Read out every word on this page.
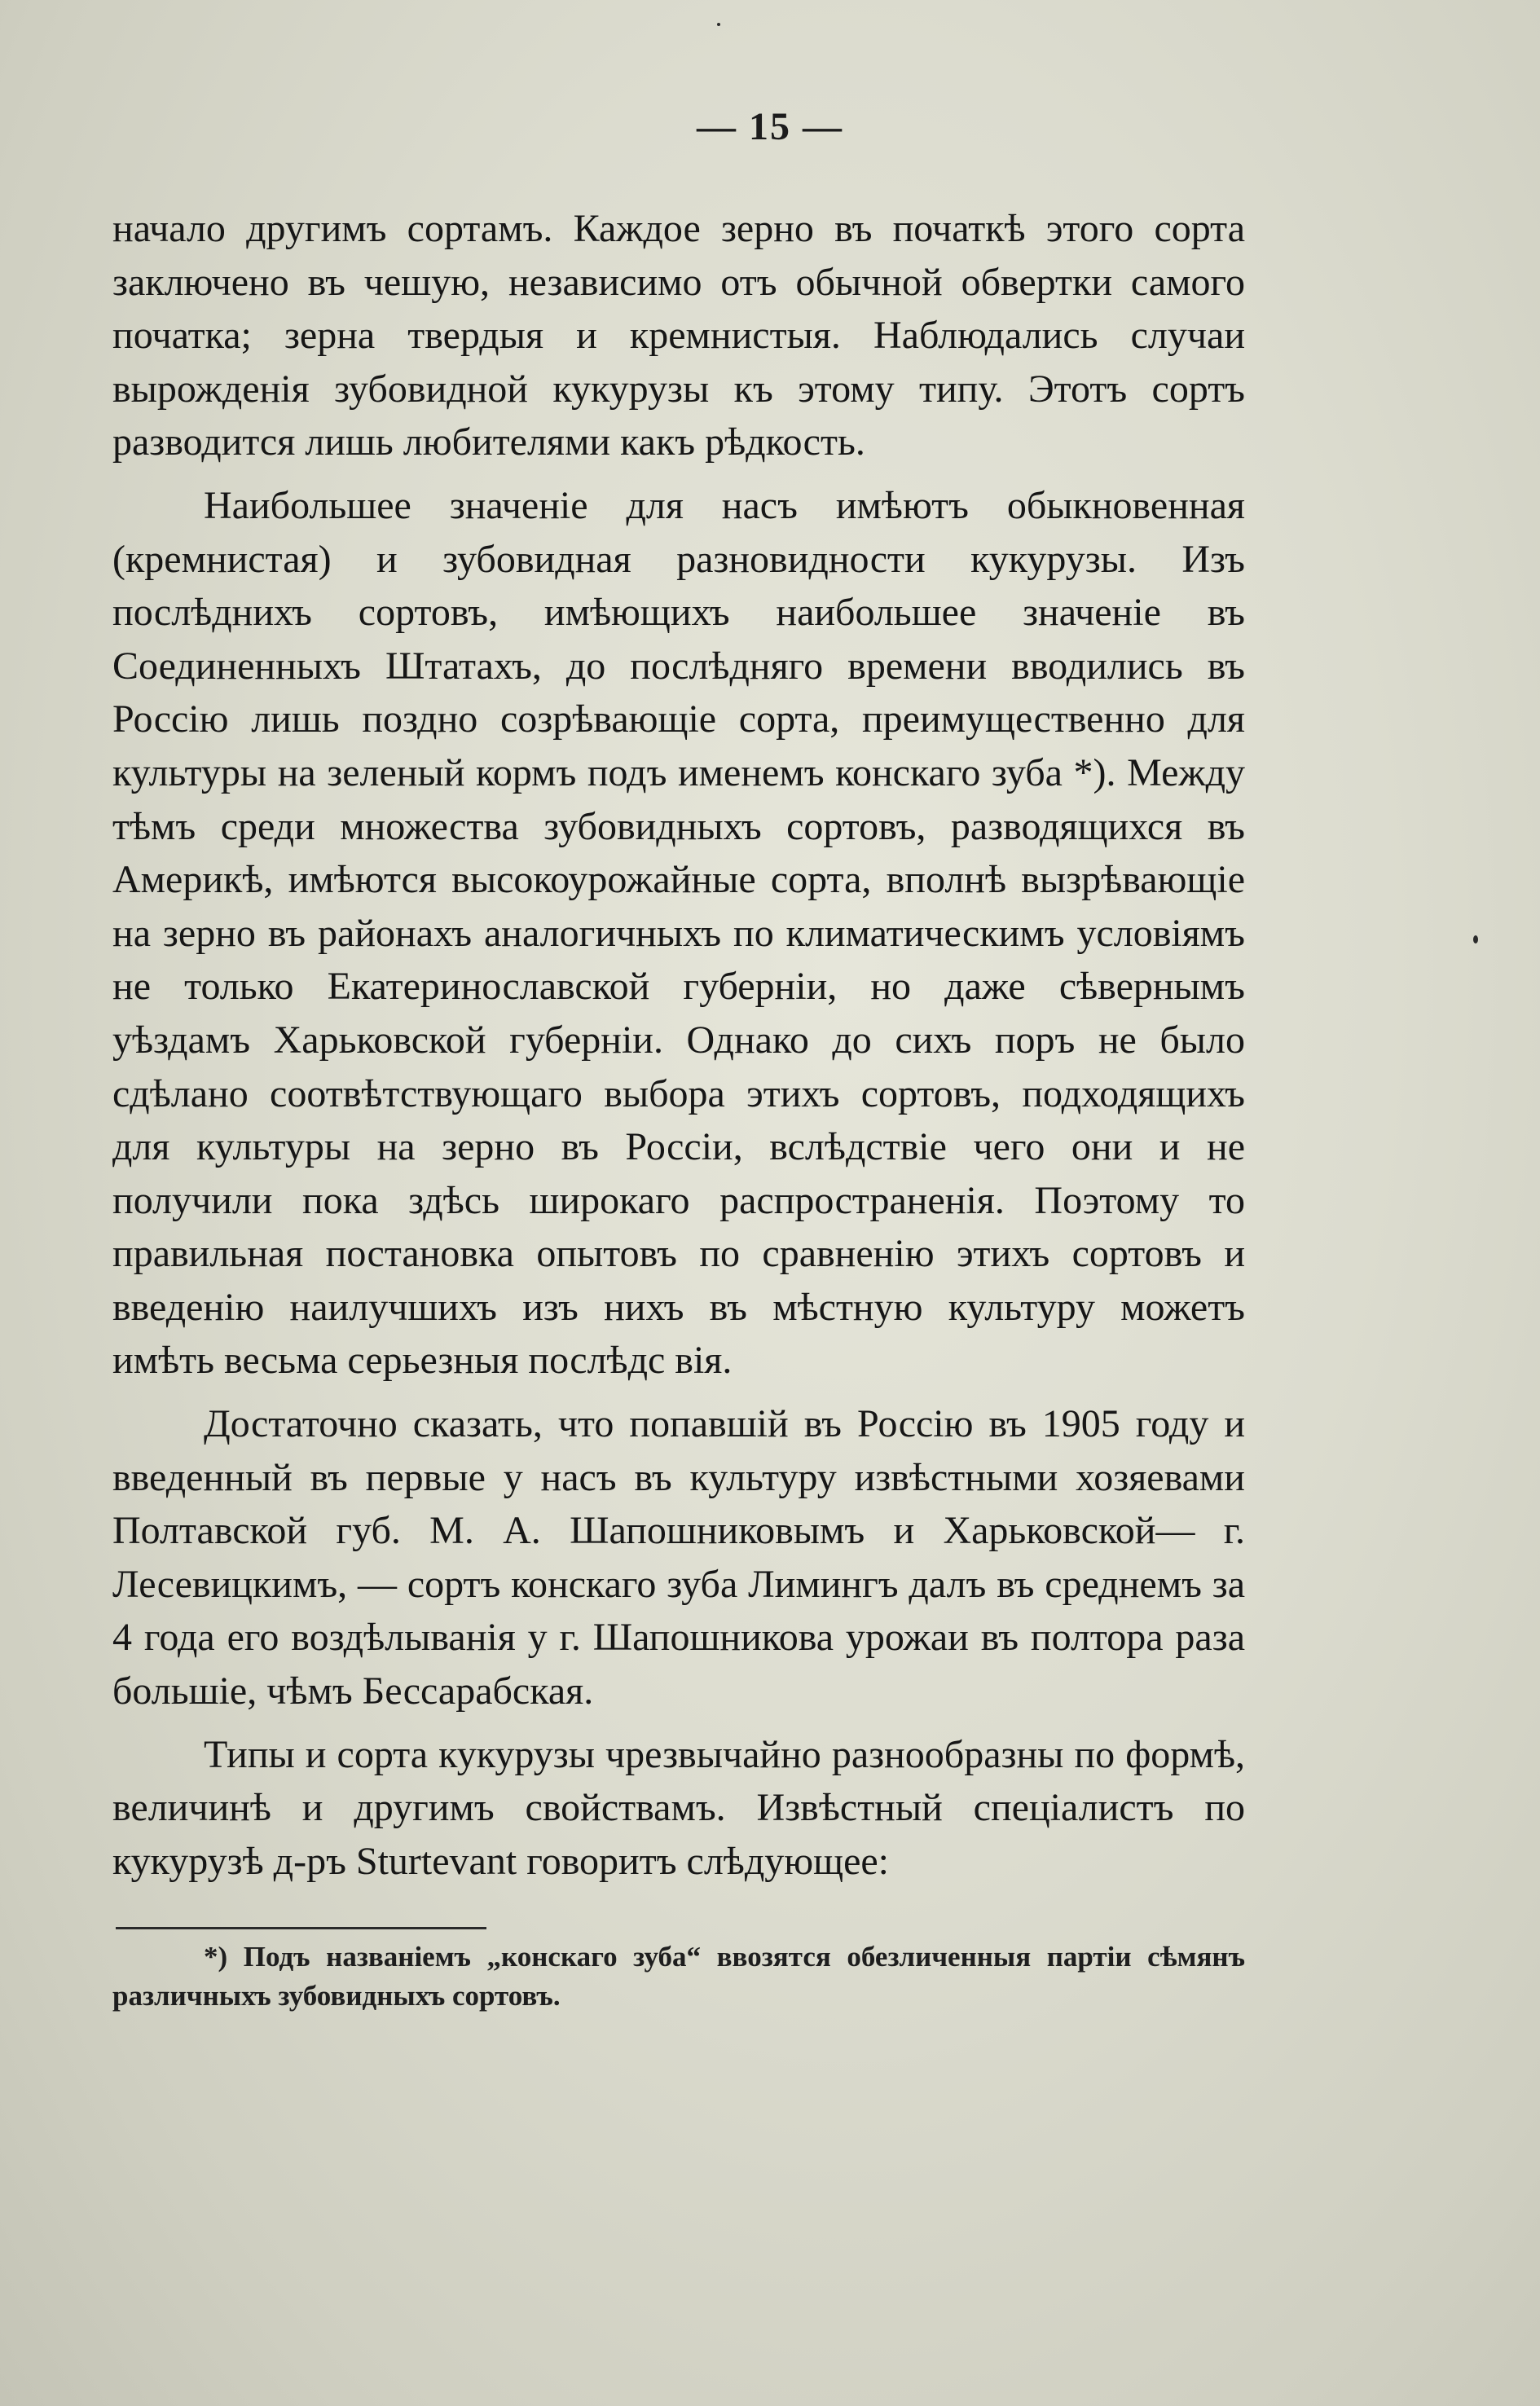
— 15 —

начало другимъ сортамъ. Каждое зерно въ початкѣ этого сорта заключено въ чешую, независимо отъ обычной обвертки самого початка; зерна твердыя и кремнистыя. Наблюдались случаи вырожденія зубовидной кукурузы къ этому типу. Этотъ сортъ разводится лишь любителями какъ рѣдкость.

Наибольшее значеніе для насъ имѣютъ обыкновенная (кремнистая) и зубовидная разновидности кукурузы. Изъ послѣднихъ сортовъ, имѣющихъ наибольшее значеніе въ Соединенныхъ Штатахъ, до послѣдняго времени вводились въ Россію лишь поздно созрѣвающіе сорта, преимущественно для культуры на зеленый кормъ подъ именемъ конскаго зуба *). Между тѣмъ среди множества зубовидныхъ сортовъ, разводящихся въ Америкѣ, имѣются высокоурожайные сорта, вполнѣ вызрѣвающіе на зерно въ районахъ аналогичныхъ по климатическимъ условіямъ не только Екатеринославской губерніи, но даже сѣвернымъ уѣздамъ Харьковской губерніи. Однако до сихъ поръ не было сдѣлано соотвѣтствующаго выбора этихъ сортовъ, подходящихъ для культуры на зерно въ Россіи, вслѣдствіе чего они и не получили пока здѣсь широкаго распространенія. Поэтому то правильная постановка опытовъ по сравненію этихъ сортовъ и введенію наилучшихъ изъ нихъ въ мѣстную культуру можетъ имѣть весьма серьезныя послѣдс вія.

Достаточно сказать, что попавшій въ Россію въ 1905 году и введенный въ первые у насъ въ культуру извѣстными хозяевами Полтавской губ. М. А. Шапошниковымъ и Харьковской— г. Лесевицкимъ, — сортъ конскаго зуба Лимингъ далъ въ среднемъ за 4 года его воздѣлыванія у г. Шапошникова урожаи въ полтора раза большіе, чѣмъ Бессарабская.

Типы и сорта кукурузы чрезвычайно разнообразны по формѣ, величинѣ и другимъ свойствамъ. Извѣстный спеціалистъ по кукурузѣ д-ръ Sturtevant говоритъ слѣдующее:

*) Подъ названіемъ „конскаго зуба“ ввозятся обезличенныя партіи сѣмянъ различныхъ зубовидныхъ сортовъ.
